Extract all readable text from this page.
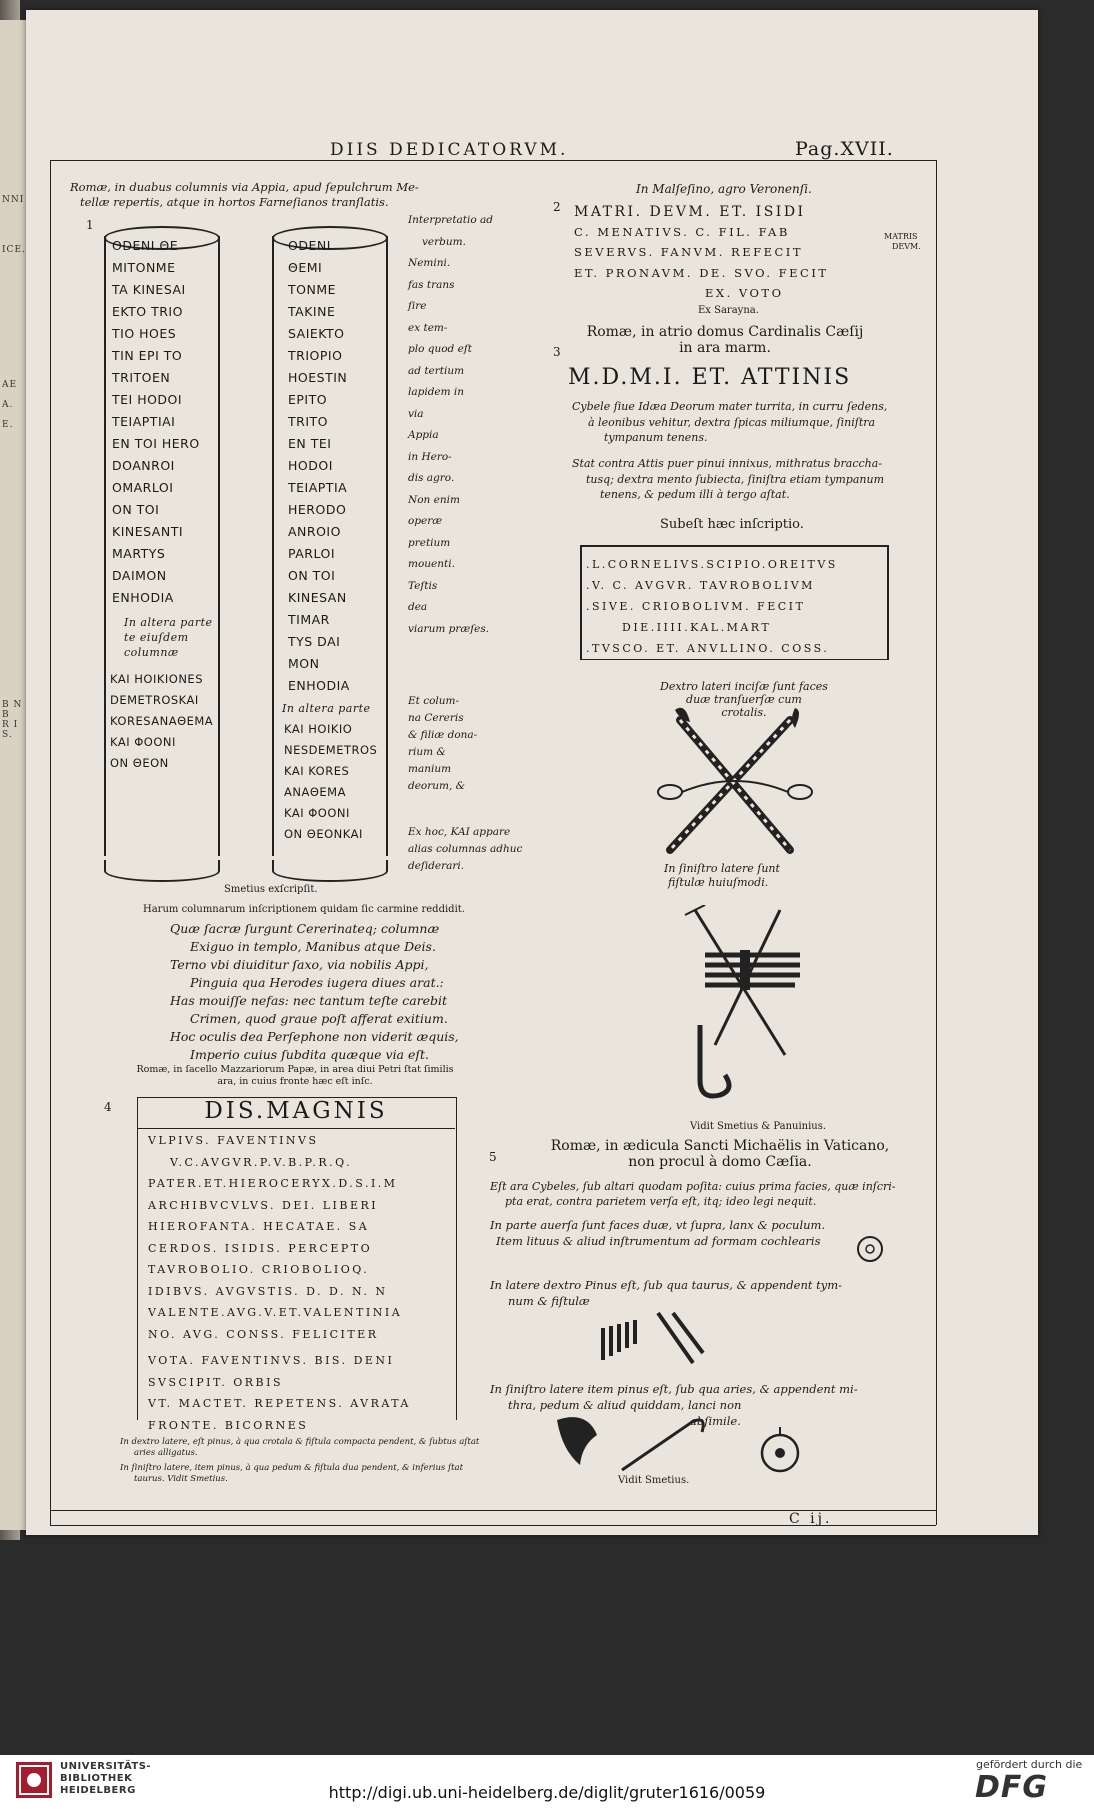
NNI
ICE.
AE
A.
E.
B N B
R I S.
DIIS DEDICATORVM.	Pag.XVII.
Romæ, in duabus columnis via Appia, apud ſepulchrum Me-
tellæ repertis, atque in hortos Farneſianos tranſlatis.
1
ODENI ΘE
MITONME
TA KINESAI
EKTO TRIO
TIO HOES
TIN EPI TO
TRITOEN
TEI HODOI
TEIAPTIAI
EN TOI HERO
DOANROI
OMARLOI
ON TOI
KINESANTI
MARTYS
DAIMON
ENHODIA
In altera parte
te eiuſdem
columnæ
KAI HOIKIONES
DEMETROSKAI
KORESANAΘEMA
KAI ΦOONI
ON ΘEON
ODENI
ΘEMI
TONME
TAKINE
SAIEKTO
TRIOPIO
HOESTIN
EPITO
TRITO
EN TEI
HODOI
TEIAPTIA
HERODO
ANROIO
PARLOI
ON TOI
KINESAN
TIMAR
TYS DAI
MON
ENHODIA
In altera parte
KAI HOIKIO
NESDEMETROS
KAI KORES
ANAΘEMA
KAI ΦOONI
ON ΘEONKAI
Interpretatio ad
verbum.
Nemini.
fas trans
ſire
ex tem-
plo quod eſt
ad tertium
lapidem in
via
Appia
in Hero-
dis agro.
Non enim
operæ
pretium
mouenti.
Teſtis
dea
viarum præſes.
Et colum-
na Cereris
& filiæ dona-
rium &
manium
deorum, &
Ex hoc, KAI appare
alias columnas adhuc
deſiderari.
Smetius exſcripſit.
Harum columnarum inſcriptionem quidam ſic carmine reddidit.
Quæ ſacræ ſurgunt Cererinateq; columnæ
Exiguo in templo, Manibus atque Deis.
Terno vbi diuiditur ſaxo, via nobilis Appi,
Pinguia qua Herodes iugera diues arat.:
Has mouiſſe nefas: nec tantum teſte carebit
Crimen, quod graue poſt afferat exitium.
Hoc oculis dea Perſephone non viderit æquis,
Imperio cuius ſubdita quæque via eſt.
Romæ, in ſacello Mazzariorum Papæ, in area diui Petri ſtat ſimilis
ara, in cuius fronte hæc eſt inſc.
4	DIS.MAGNIS
VLPIVS. FAVENTINVS
V.C.AVGVR.P.V.B.P.R.Q.
PATER.ET.HIEROCERYX.D.S.I.M
ARCHIBVCVLVS. DEI. LIBERI
HIEROFANTA. HECATAE. SA
CERDOS. ISIDIS. PERCEPTO
TAVROBOLIO. CRIOBOLIOQ.
IDIBVS. AVGVSTIS. D. D. N. N
VALENTE.AVG.V.ET.VALENTINIA
NO. AVG. CONSS. FELICITER
VOTA. FAVENTINVS. BIS. DENI
SVSCIPIT. ORBIS
VT. MACTET. REPETENS. AVRATA
FRONTE. BICORNES
In dextro latere, eſt pinus, à qua crotala & fiſtula compacta pendent, & ſubtus aſtat
aries alligatus.
In ſiniſtro latere, item pinus, à qua pedum & fiſtula dua pendent, & inferius ſtat
taurus. Vidit Smetius.
2
In Malſeſino, agro Veronenſi.
MATRI. DEVM. ET. ISIDI
C. MENATIVS. C. FIL. FAB
SEVERVS. FANVM. REFECIT
ET. PRONAVM. DE. SVO. FECIT
EX. VOTO
MATRIS
DEVM.
Ex Sarayna.
Romæ, in atrio domus Cardinalis Cæſij
in ara marm.
3
M.D.M.I. ET. ATTINIS
Cybele ſiue Idæa Deorum mater turrita, in curru ſedens,
à leonibus vehitur, dextra ſpicas miliumque, ſiniſtra
tympanum tenens.
Stat contra Attis puer pinui innixus, mithratus braccha-
tusq; dextra mento ſubiecta, ſiniſtra etiam tympanum
tenens, & pedum illi à tergo aſtat.
Subeſt hæc inſcriptio.
.L.CORNELIVS.SCIPIO.OREITVS
.V. C. AVGVR. TAVROBOLIVM
.SIVE. CRIOBOLIVM. FECIT
DIE.IIII.KAL.MART
.TVSCO. ET. ANVLLINO. COSS.
Dextro lateri inciſæ ſunt faces
duæ tranſuerſæ cum
crotalis.
In ſiniſtro latere ſunt
fiſtulæ huiuſmodi.
Vidit Smetius & Panuinius.
Romæ, in ædicula Sancti Michaëlis in Vaticano,
non procul à domo Cæſia.
5
Eſt ara Cybeles, ſub altari quodam poſita: cuius prima facies, quæ inſcri-
pta erat, contra parietem verſa eſt, itq; ideo legi nequit.
In parte auerſa ſunt faces duæ, vt ſupra, lanx & poculum.
Item lituus & aliud inſtrumentum ad formam cochlearis
In latere dextro Pinus eſt, ſub qua taurus, & appendent tym-
num & fiſtulæ
In ſiniſtro latere item pinus eſt, ſub qua aries, & appendent mi-
thra, pedum & aliud quiddam, lanci non
abſimile.
Vidit Smetius.
C ij.
UNIVERSITÄTS-
BIBLIOTHEK
HEIDELBERG	http://digi.ub.uni-heidelberg.de/diglit/gruter1616/0059
gefördert durch die
DFG
